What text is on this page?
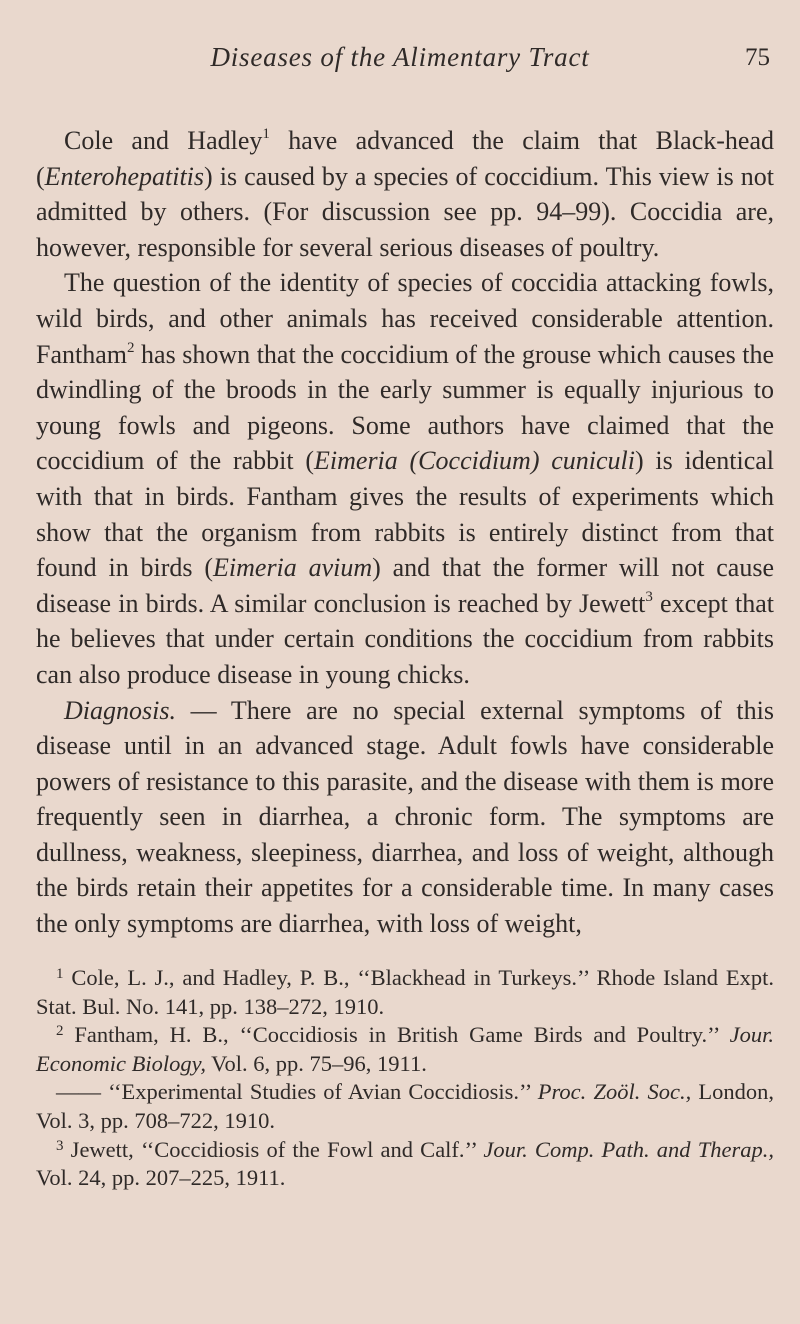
Diseases of the Alimentary Tract	75

Cole and Hadley$^1$ have advanced the claim that Black-head (Enterohepatitis) is caused by a species of coccidium. This view is not admitted by others. (For discussion see pp. 94–99). Coccidia are, however, responsible for several serious diseases of poultry.

The question of the identity of species of coccidia attacking fowls, wild birds, and other animals has received considerable attention. Fantham$^2$ has shown that the coccidium of the grouse which causes the dwindling of the broods in the early summer is equally injurious to young fowls and pigeons. Some authors have claimed that the coccidium of the rabbit (Eimeria (Coccidium) cuniculi) is identical with that in birds. Fantham gives the results of experiments which show that the organism from rabbits is entirely distinct from that found in birds (Eimeria avium) and that the former will not cause disease in birds. A similar conclusion is reached by Jewett$^3$ except that he believes that under certain conditions the coccidium from rabbits can also produce disease in young chicks.

Diagnosis. — There are no special external symptoms of this disease until in an advanced stage. Adult fowls have considerable powers of resistance to this parasite, and the disease with them is more frequently seen in diarrhea, a chronic form. The symptoms are dullness, weakness, sleepiness, diarrhea, and loss of weight, although the birds retain their appetites for a considerable time. In many cases the only symptoms are diarrhea, with loss of weight,

$^1$ Cole, L. J., and Hadley, P. B., ‘‘Blackhead in Turkeys.’’ Rhode Island Expt. Stat. Bul. No. 141, pp. 138–272, 1910.

$^2$ Fantham, H. B., ‘‘Coccidiosis in British Game Birds and Poultry.’’ Jour. Economic Biology, Vol. 6, pp. 75–96, 1911.

—— ‘‘Experimental Studies of Avian Coccidiosis.’’ Proc. Zoöl. Soc., London, Vol. 3, pp. 708–722, 1910.

$^3$ Jewett, ‘‘Coccidiosis of the Fowl and Calf.’’ Jour. Comp. Path. and Therap., Vol. 24, pp. 207–225, 1911.
